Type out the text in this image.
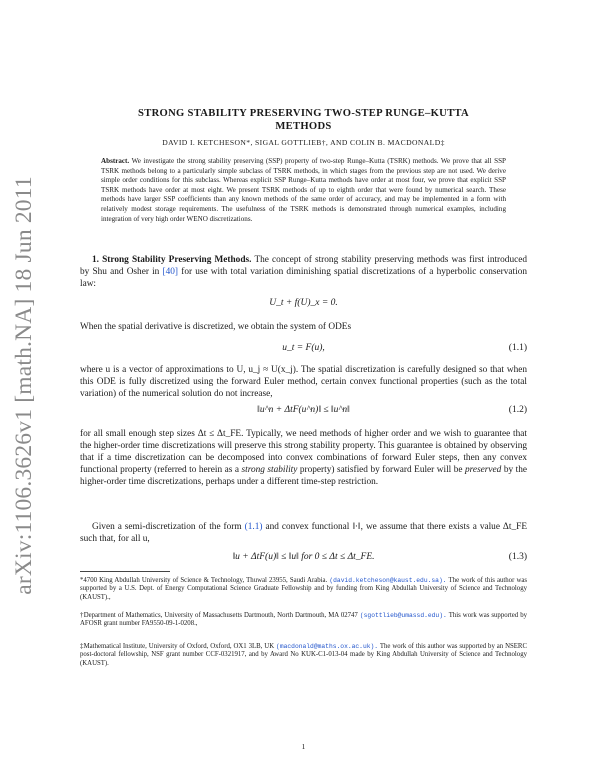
arXiv:1106.3626v1 [math.NA] 18 Jun 2011
STRONG STABILITY PRESERVING TWO-STEP RUNGE–KUTTA
METHODS
DAVID I. KETCHESON*, SIGAL GOTTLIEB†, AND COLIN B. MACDONALD‡
Abstract. We investigate the strong stability preserving (SSP) property of two-step Runge–Kutta (TSRK) methods. We prove that all SSP TSRK methods belong to a particularly simple subclass of TSRK methods, in which stages from the previous step are not used. We derive simple order conditions for this subclass. Whereas explicit SSP Runge–Kutta methods have order at most four, we prove that explicit SSP TSRK methods have order at most eight. We present TSRK methods of up to eighth order that were found by numerical search. These methods have larger SSP coefficients than any known methods of the same order of accuracy, and may be implemented in a form with relatively modest storage requirements. The usefulness of the TSRK methods is demonstrated through numerical examples, including integration of very high order WENO discretizations.
1. Strong Stability Preserving Methods. The concept of strong stability preserving methods was first introduced by Shu and Osher in [40] for use with total variation diminishing spatial discretizations of a hyperbolic conservation law:
U_t + f(U)_x = 0.
When the spatial derivative is discretized, we obtain the system of ODEs
u_t = F(u),	(1.1)
where u is a vector of approximations to U, u_j ≈ U(x_j). The spatial discretization is carefully designed so that when this ODE is fully discretized using the forward Euler method, certain convex functional properties (such as the total variation) of the numerical solution do not increase,
‖u^n + ΔtF(u^n)‖ ≤ ‖u^n‖	(1.2)
for all small enough step sizes Δt ≤ Δt_FE. Typically, we need methods of higher order and we wish to guarantee that the higher-order time discretizations will preserve this strong stability property. This guarantee is obtained by observing that if a time discretization can be decomposed into convex combinations of forward Euler steps, then any convex functional property (referred to herein as a strong stability property) satisfied by forward Euler will be preserved by the higher-order time discretizations, perhaps under a different time-step restriction.
Given a semi-discretization of the form (1.1) and convex functional ‖·‖, we assume that there exists a value Δt_FE such that, for all u,
‖u + ΔtF(u)‖ ≤ ‖u‖ for 0 ≤ Δt ≤ Δt_FE.	(1.3)
*4700 King Abdullah University of Science & Technology, Thuwal 23955, Saudi Arabia. (david.ketcheson@kaust.edu.sa). The work of this author was supported by a U.S. Dept. of Energy Computational Science Graduate Fellowship and by funding from King Abdullah University of Science and Technology (KAUST).,
†Department of Mathematics, University of Massachusetts Dartmouth, North Dartmouth, MA 02747 (sgottlieb@umassd.edu). This work was supported by AFOSR grant number FA9550-09-1-0208.,
‡Mathematical Institute, University of Oxford, Oxford, OX1 3LB, UK (macdonald@maths.ox.ac.uk). The work of this author was supported by an NSERC post-doctoral fellowship, NSF grant number CCF-0321917, and by Award No KUK-C1-013-04 made by King Abdullah University of Science and Technology (KAUST).
1
